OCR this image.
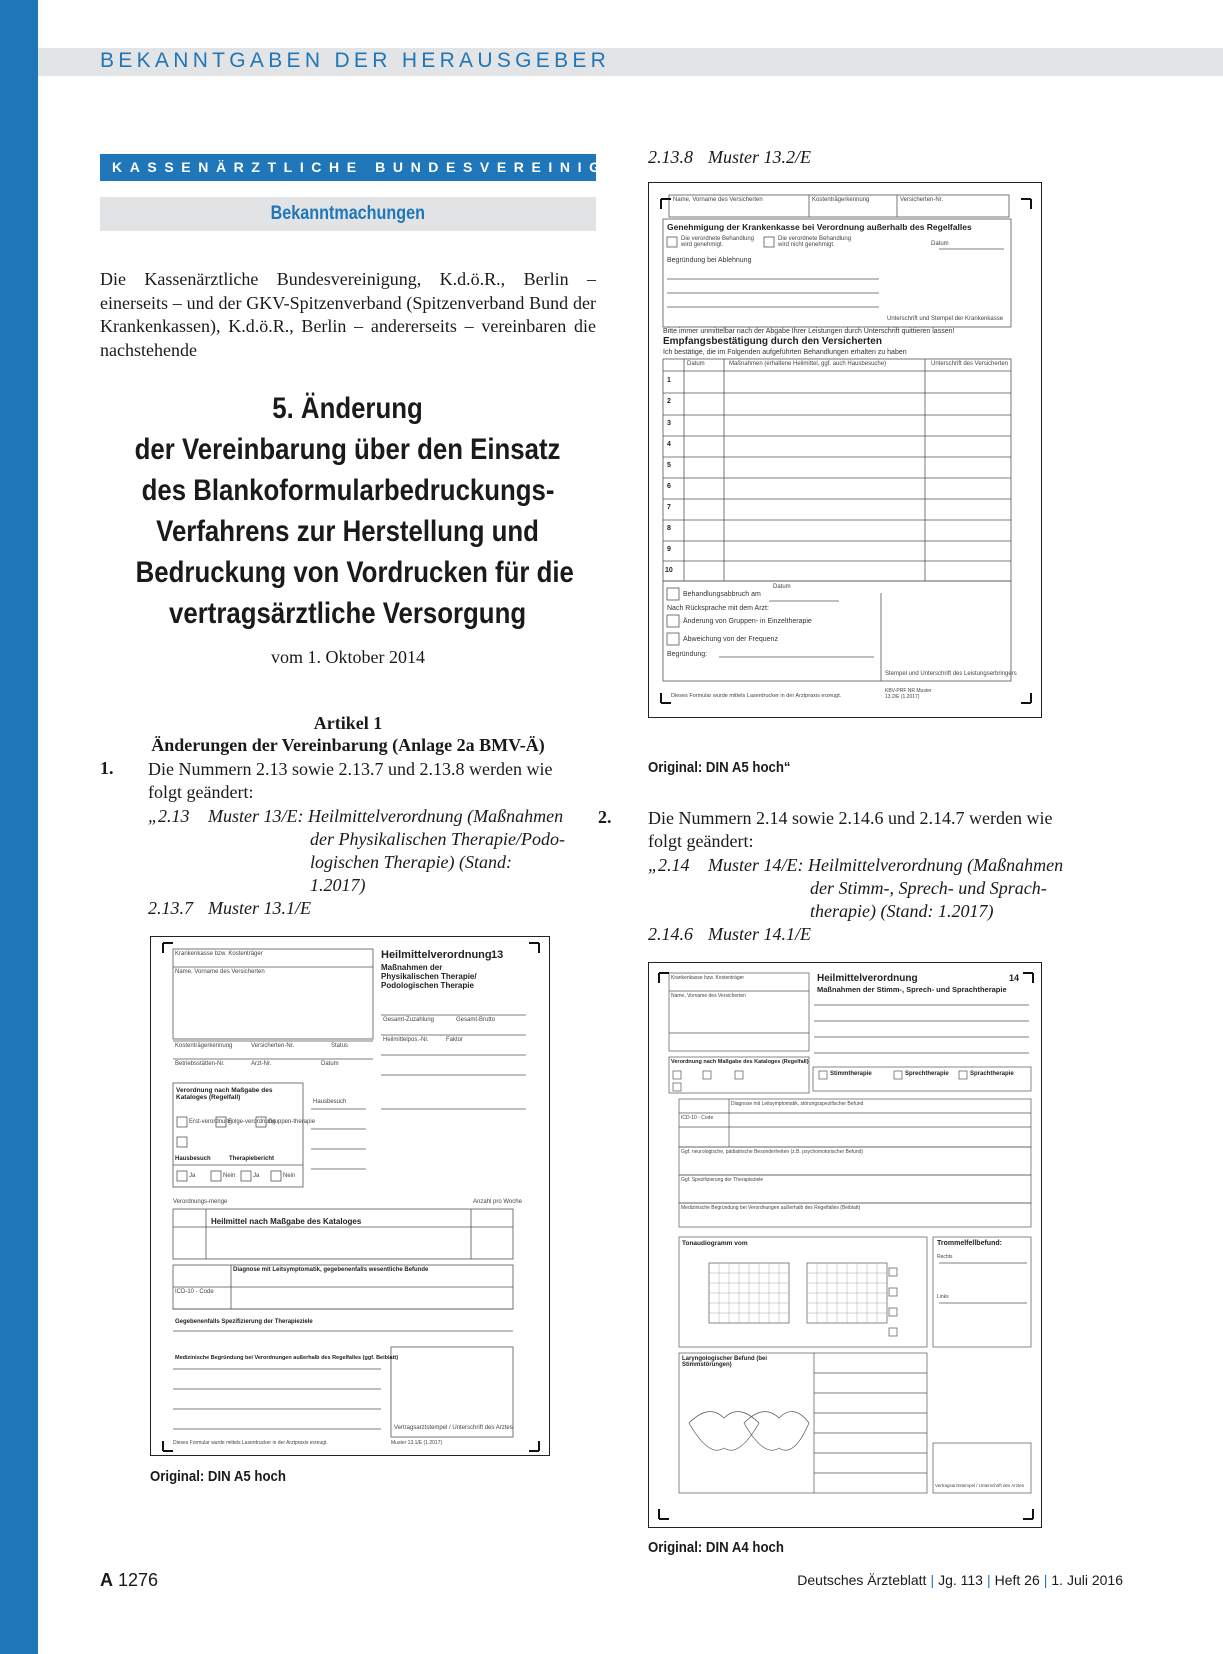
BEKANNTGABEN DER HERAUSGEBER
KASSENÄRZTLICHE BUNDESVEREINIGUNG
Bekanntmachungen

Die Kassenärztliche Bundesvereinigung, K.d.ö.R., Berlin – einerseits – und der GKV-Spitzenverband (Spitzenverband Bund der Krankenkassen), K.d.ö.R., Berlin – andererseits – vereinbaren die nachstehende

5. Änderung
der Vereinbarung über den Einsatz
des Blankoformularbedruckungs-
Verfahrens zur Herstellung und
Bedruckung von Vordrucken für die
vertragsärztliche Versorgung
vom 1. Oktober 2014
Artikel 1
Änderungen der Vereinbarung (Anlage 2a BMV-Ä)
1. Die Nummern 2.13 sowie 2.13.7 und 2.13.8 werden wie
folgt geändert:
„2.13 Muster 13/E: Heilmittelverordnung (Maßnahmen
der Physikalischen Therapie/Podo-
logischen Therapie) (Stand:
1.2017)
2.13.7 Muster 13.1/E
Krankenkasse bzw. Kostenträger
Name, Vorname des Versicherten
Heilmittelverordnung 13
Maßnahmen der
Physikalischen Therapie/
Podologischen Therapie
Kostenträgerkennung	Versicherten-Nr.	Status
Betriebsstätten-Nr.	Arzt-Nr.	Datum
Gesamt-Zuzahlung	Gesamt-Brutto
Heilmittelpos.-Nr.	Faktor
Verordnung nach Maßgabe des Kataloges (Regelfall)
Erst-verordnung
Folge-verordnung
Gruppen-therapie
Hausbesuch	Therapiebericht
Ja	Nein	Ja	Nein
Hausbesuch
Verordnungs-menge
Heilmittel nach Maßgabe des Kataloges
Anzahl pro Woche
Diagnose mit Leitsymptomatik, gegebenenfalls wesentliche Befunde
ICD-10 - Code
Gegebenenfalls Spezifizierung der Therapieziele
Medizinische Begründung bei Verordnungen außerhalb des Regelfalles (ggf. Beiblatt)
Vertragsarztstempel / Unterschrift des Arztes
Dieses Formular wurde mittels Laserdrucker in der Arztpraxis erzeugt.	Muster 13.1/E (1.2017)
Original: DIN A5 hoch
2.13.8 Muster 13.2/E
Name, Vorname des Versicherten	Kostenträgerkennung	Versicherten-Nr.
Genehmigung der Krankenkasse bei Verordnung außerhalb des Regelfalles
Die verordnete Behandlung wird genehmigt.
Die verordnete Behandlung wird nicht genehmigt.	Datum
Begründung bei Ablehnung
Unterschrift und Stempel der Krankenkasse
Bitte immer unmittelbar nach der Abgabe Ihrer Leistungen durch Unterschrift quittieren lassen!
Empfangsbestätigung durch den Versicherten
Ich bestätige, die im Folgenden aufgeführten Behandlungen erhalten zu haben
Datum	Maßnahmen (erhaltene Heilmittel, ggf. auch Hausbesuche)	Unterschrift des Versicherten
1
2
3
4
5
6
7
8
9
10
Datum
Behandlungsabbruch am
Nach Rücksprache mit dem Arzt:
Änderung von Gruppen- in Einzeltherapie
Abweichung von der Frequenz
Begründung:
Stempel und Unterschrift des Leistungserbringers
Dieses Formular wurde mittels Laserdrucker in der Arztpraxis erzeugt.
KBV-PRF NR Muster 13.2/E (1.2017)
Original: DIN A5 hoch“
2. Die Nummern 2.14 sowie 2.14.6 und 2.14.7 werden wie
folgt geändert:
„2.14 Muster 14/E: Heilmittelverordnung (Maßnahmen
der Stimm-, Sprech- und Sprach-
therapie) (Stand: 1.2017)
2.14.6 Muster 14.1/E
Krankenkasse bzw. Kostenträger
Name, Vorname des Versicherten
Heilmittelverordnung	14
Maßnahmen der Stimm-, Sprech- und Sprachtherapie
Verordnung nach Maßgabe des Kataloges (Regelfall)
Stimmtherapie	Sprechtherapie	Sprachtherapie
Diagnose mit Leitsymptomatik, störungsspezifischer Befund
ICD-10 - Code
Ggf. neurologische, pädiatrische Besonderheiten (z.B. psychomotorischer Befund)
Ggf. Spezifizierung der Therapieziele
Medizinische Begründung bei Verordnungen außerhalb des Regelfalles (Beiblatt)
Tonaudiogramm vom	Trommelfellbefund:
Rechts
Links
Laryngologischer Befund (bei Stimmstörungen)
Vertragsarztstempel / Unterschrift des Arztes
Original: DIN A4 hoch
A 1276	Deutsches Ärzteblatt | Jg. 113 | Heft 26 | 1. Juli 2016
